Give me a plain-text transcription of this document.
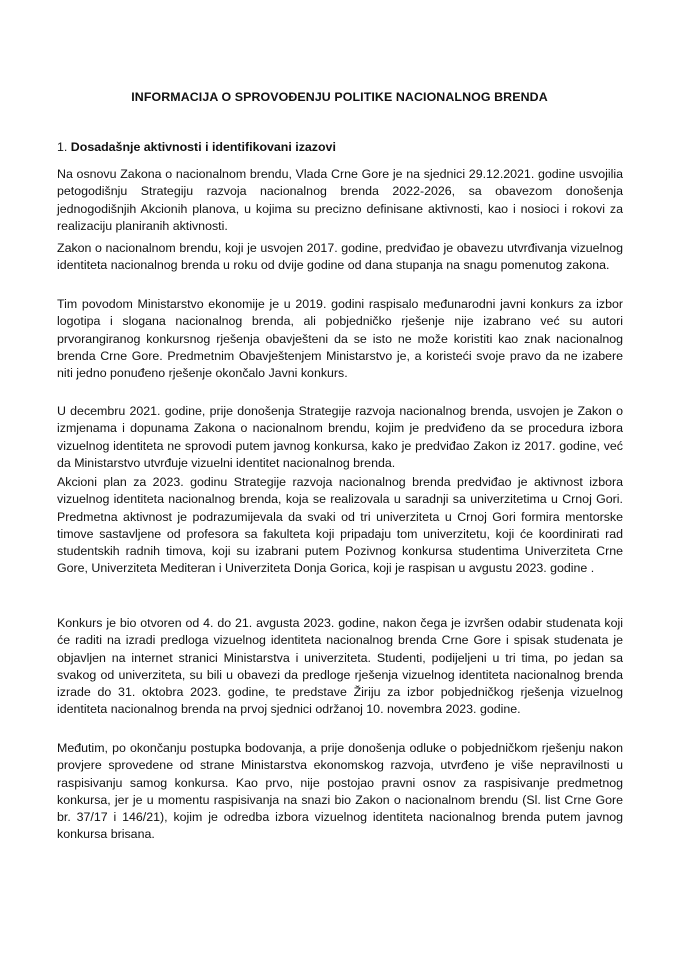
INFORMACIJA O SPROVOĐENJU POLITIKE NACIONALNOG BRENDA
1. Dosadašnje aktivnosti i identifikovani izazovi

Na osnovu Zakona o nacionalnom brendu, Vlada Crne Gore je na sjednici 29.12.2021. godine usvojilia petogodišnju Strategiju razvoja nacionalnog brenda 2022-2026, sa obavezom donošenja jednogodišnjih Akcionih planova, u kojima su precizno definisane aktivnosti, kao i nosioci i rokovi za realizaciju planiranih aktivnosti.

Zakon o nacionalnom brendu, koji je usvojen 2017. godine, predviđao je obavezu utvrđivanja vizuelnog identiteta nacionalnog brenda u roku od dvije godine od dana stupanja na snagu pomenutog zakona.

Tim povodom Ministarstvo ekonomije je u 2019. godini raspisalo međunarodni javni konkurs za izbor logotipa i slogana nacionalnog brenda, ali pobjedničko rješenje nije izabrano već su autori prvorangiranog konkursnog rješenja obavješteni da se isto ne može koristiti kao znak nacionalnog brenda Crne Gore. Predmetnim Obavještenjem Ministarstvo je, a koristeći svoje pravo da ne izabere niti jedno ponuđeno rješenje okončalo Javni konkurs.

U decembru 2021. godine, prije donošenja Strategije razvoja nacionalnog brenda, usvojen je Zakon o izmjenama i dopunama Zakona o nacionalnom brendu, kojim je predviđeno da se procedura izbora vizuelnog identiteta ne sprovodi putem javnog konkursa, kako je predviđao Zakon iz 2017. godine, već da Ministarstvo utvrđuje vizuelni identitet nacionalnog brenda.

Akcioni plan za 2023. godinu Strategije razvoja nacionalnog brenda predviđao je aktivnost izbora vizuelnog identiteta nacionalnog brenda, koja se realizovala u saradnji sa univerzitetima u Crnoj Gori. Predmetna aktivnost je podrazumijevala da svaki od tri univerziteta u Crnoj Gori formira mentorske timove sastavljene od profesora sa fakulteta koji pripadaju tom univerzitetu, koji će koordinirati rad studentskih radnih timova, koji su izabrani putem Pozivnog konkursa studentima Univerziteta Crne Gore, Univerziteta Mediteran i Univerziteta Donja Gorica, koji je raspisan u avgustu 2023. godine .

Konkurs je bio otvoren od 4. do 21. avgusta 2023. godine, nakon čega je izvršen odabir studenata koji će raditi na izradi predloga vizuelnog identiteta nacionalnog brenda Crne Gore i spisak studenata je objavljen na internet stranici Ministarstva i univerziteta. Studenti, podijeljeni u tri tima, po jedan sa svakog od univerziteta, su bili u obavezi da predloge rješenja vizuelnog identiteta nacionalnog brenda izrade do 31. oktobra 2023. godine, te predstave Žiriju za izbor pobjedničkog rješenja vizuelnog identiteta nacionalnog brenda na prvoj sjednici održanoj 10. novembra 2023. godine.

Međutim, po okončanju postupka bodovanja, a prije donošenja odluke o pobjedničkom rješenju nakon provjere sprovedene od strane Ministarstva ekonomskog razvoja, utvrđeno je više nepravilnosti u raspisivanju samog konkursa. Kao prvo, nije postojao pravni osnov za raspisivanje predmetnog konkursa, jer je u momentu raspisivanja na snazi bio Zakon o nacionalnom brendu (Sl. list Crne Gore br. 37/17 i 146/21), kojim je odredba izbora vizuelnog identiteta nacionalnog brenda putem javnog konkursa brisana.
